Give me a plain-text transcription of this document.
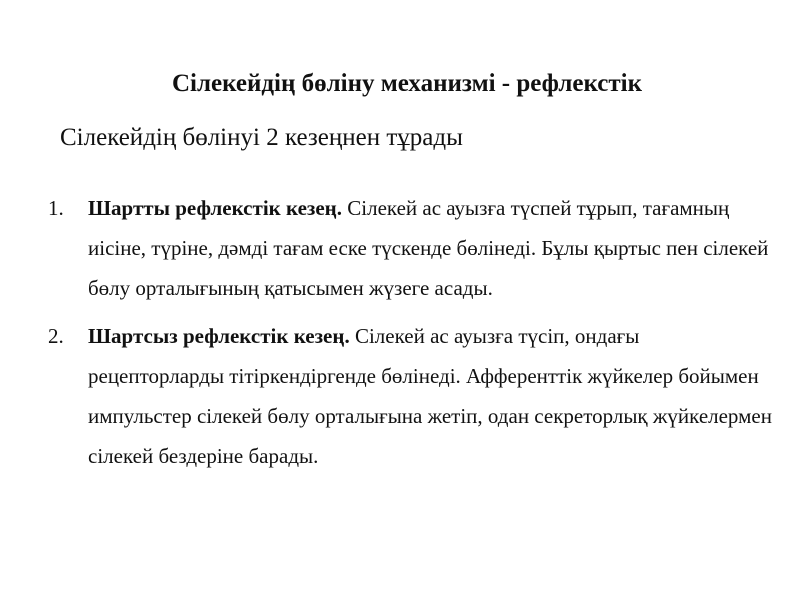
Сілекейдің бөліну механизмі - рефлекстік
Сілекейдің бөлінуі 2 кезеңнен тұрады
1. Шартты рефлекстік кезең. Сілекей ас ауызға түспей тұрып, тағамның иісіне, түріне, дәмді тағам еске түскенде бөлінеді. Бұлы қыртыс пен сілекей бөлу орталығының қатысымен жүзеге асады.
2. Шартсыз рефлекстік кезең. Сілекей ас ауызға түсіп, ондағы рецепторларды тітіркендіргенде бөлінеді. Афференттік жүйкелер бойымен импульстер сілекей бөлу орталығына жетіп, одан секреторлық жүйкелермен сілекей бездеріне барады.
